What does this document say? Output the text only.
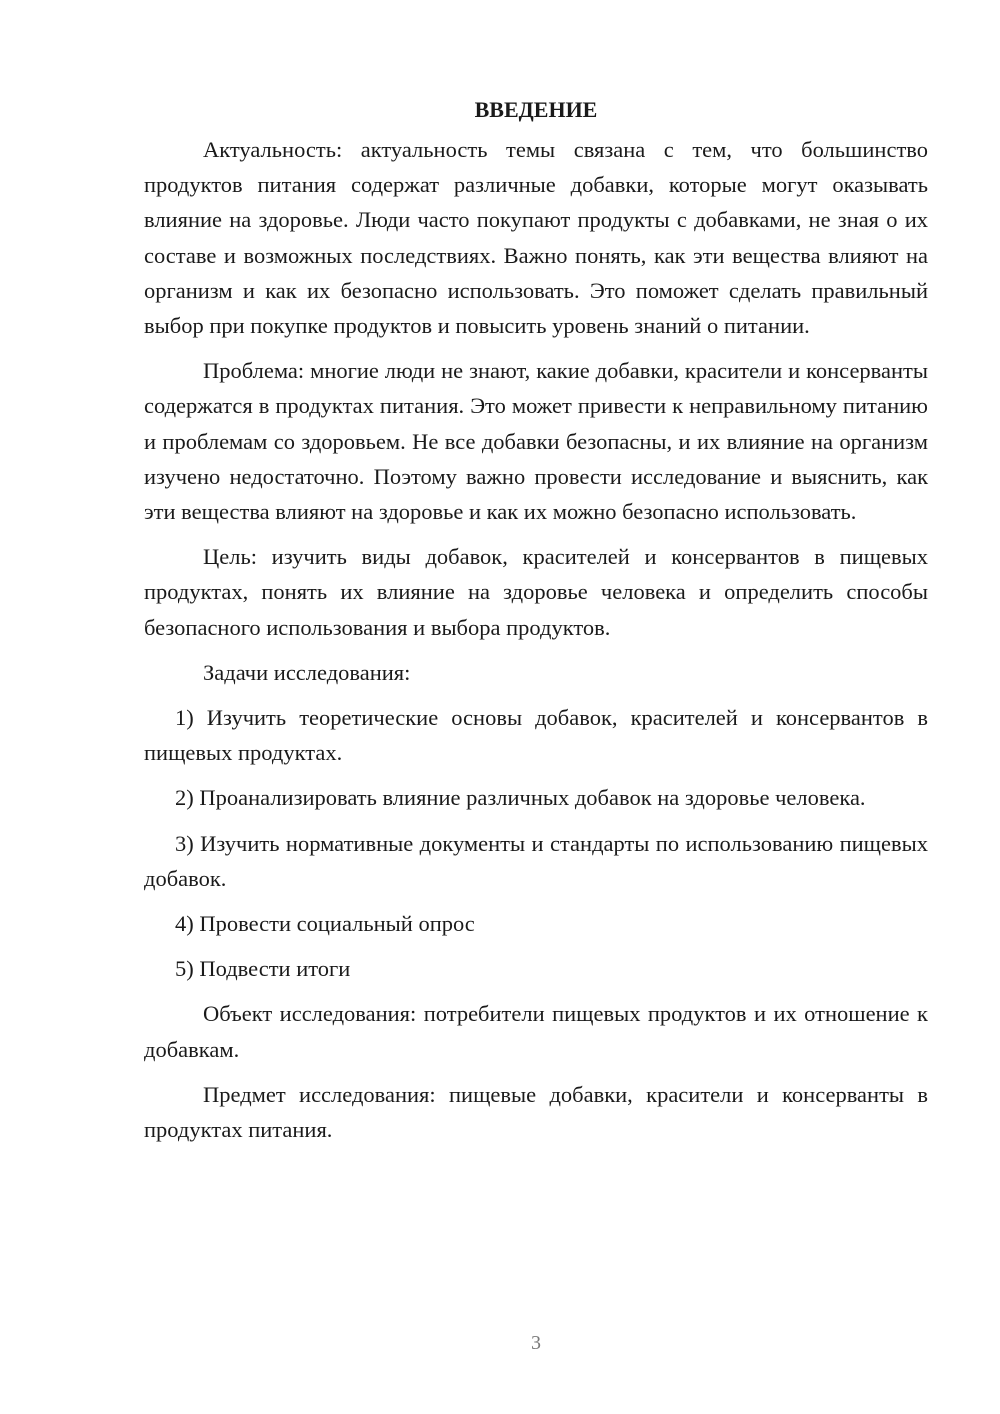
ВВЕДЕНИЕ

Актуальность: актуальность темы связана с тем, что большинство продуктов питания содержат различные добавки, которые могут оказывать влияние на здоровье. Люди часто покупают продукты с добавками, не зная о их составе и возможных последствиях. Важно понять, как эти вещества влияют на организм и как их безопасно использовать. Это поможет сделать правильный выбор при покупке продуктов и повысить уровень знаний о питании.

Проблема: многие люди не знают, какие добавки, красители и консерванты содержатся в продуктах питания. Это может привести к неправильному питанию и проблемам со здоровьем. Не все добавки безопасны, и их влияние на организм изучено недостаточно. Поэтому важно провести исследование и выяснить, как эти вещества влияют на здоровье и как их можно безопасно использовать.

Цель: изучить виды добавок, красителей и консервантов в пищевых продуктах, понять их влияние на здоровье человека и определить способы безопасного использования и выбора продуктов.

Задачи исследования:

1) Изучить теоретические основы добавок, красителей и консервантов в пищевых продуктах.

2) Проанализировать влияние различных добавок на здоровье человека.

3) Изучить нормативные документы и стандарты по использованию пищевых добавок.

4) Провести социальный опрос

5) Подвести итоги

Объект исследования: потребители пищевых продуктов и их отношение к добавкам.

Предмет исследования: пищевые добавки, красители и консерванты в продуктах питания.

3
